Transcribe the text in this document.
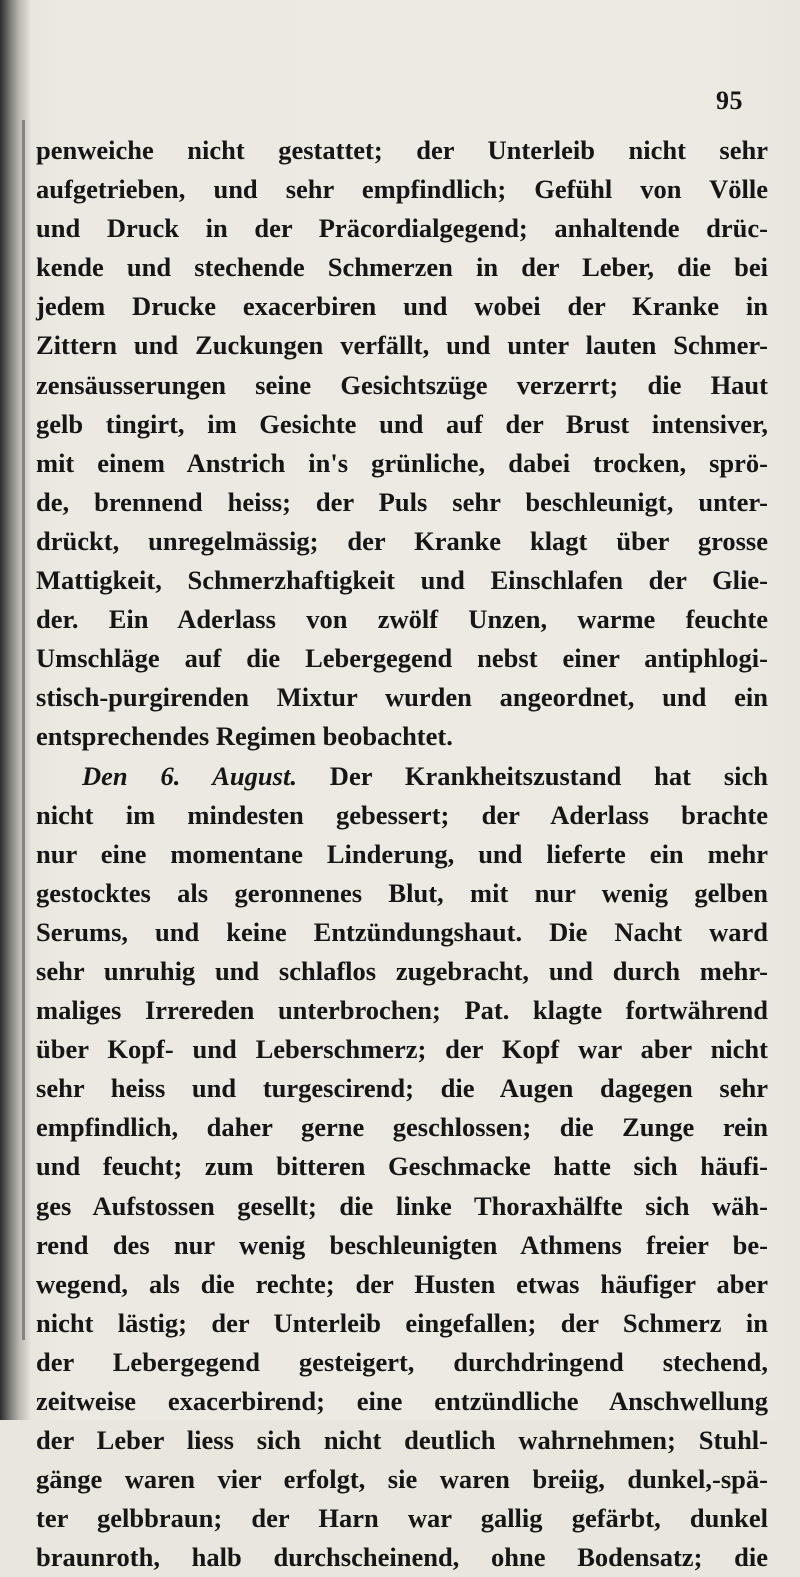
95
penweiche nicht gestattet; der Unterleib nicht sehr
aufgetrieben, und sehr empfindlich; Gefühl von Völle
und Druck in der Präcordialgegend; anhaltende drüc-
kende und stechende Schmerzen in der Leber, die bei
jedem Drucke exacerbiren und wobei der Kranke in
Zittern und Zuckungen verfällt, und unter lauten Schmer-
zensäusserungen seine Gesichtszüge verzerrt; die Haut
gelb tingirt, im Gesichte und auf der Brust intensiver,
mit einem Anstrich in's grünliche, dabei trocken, sprö-
de, brennend heiss; der Puls sehr beschleunigt, unter-
drückt, unregelmässig; der Kranke klagt über grosse
Mattigkeit, Schmerzhaftigkeit und Einschlafen der Glie-
der. Ein Aderlass von zwölf Unzen, warme feuchte
Umschläge auf die Lebergegend nebst einer antiphlogi-
stisch-purgirenden Mixtur wurden angeordnet, und ein
entsprechendes Regimen beobachtet.
Den 6. August. Der Krankheitszustand hat sich
nicht im mindesten gebessert; der Aderlass brachte
nur eine momentane Linderung, und lieferte ein mehr
gestocktes als geronnenes Blut, mit nur wenig gelben
Serums, und keine Entzündungshaut. Die Nacht ward
sehr unruhig und schlaflos zugebracht, und durch mehr-
maliges Irrereden unterbrochen; Pat. klagte fortwährend
über Kopf- und Leberschmerz; der Kopf war aber nicht
sehr heiss und turgescirend; die Augen dagegen sehr
empfindlich, daher gerne geschlossen; die Zunge rein
und feucht; zum bitteren Geschmacke hatte sich häufi-
ges Aufstossen gesellt; die linke Thoraxhälfte sich wäh-
rend des nur wenig beschleunigten Athmens freier be-
wegend, als die rechte; der Husten etwas häufiger aber
nicht lästig; der Unterleib eingefallen; der Schmerz in
der Lebergegend gesteigert, durchdringend stechend,
zeitweise exacerbirend; eine entzündliche Anschwellung
der Leber liess sich nicht deutlich wahrnehmen; Stuhl-
gänge waren vier erfolgt, sie waren breiig, dunkel,-spä-
ter gelbbraun; der Harn war gallig gefärbt, dunkel
braunroth, halb durchscheinend, ohne Bodensatz; die
